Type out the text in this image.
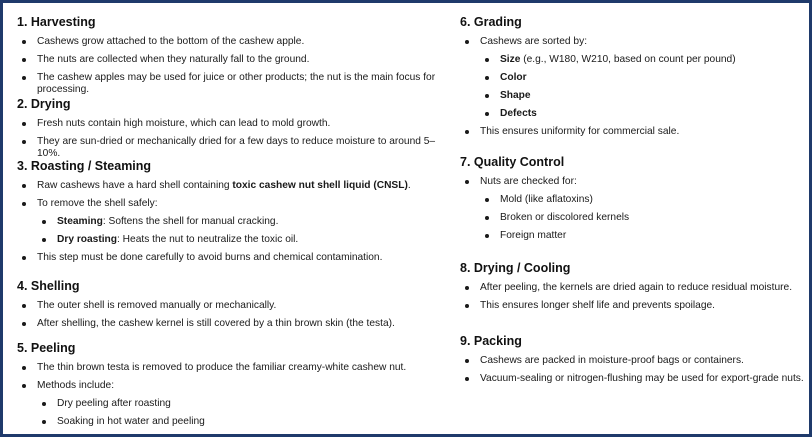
1. Harvesting
Cashews grow attached to the bottom of the cashew apple.
The nuts are collected when they naturally fall to the ground.
The cashew apples may be used for juice or other products; the nut is the main focus for processing.
2. Drying
Fresh nuts contain high moisture, which can lead to mold growth.
They are sun-dried or mechanically dried for a few days to reduce moisture to around 5–10%.
3. Roasting / Steaming
Raw cashews have a hard shell containing toxic cashew nut shell liquid (CNSL).
To remove the shell safely:
Steaming: Softens the shell for manual cracking.
Dry roasting: Heats the nut to neutralize the toxic oil.
This step must be done carefully to avoid burns and chemical contamination.
4. Shelling
The outer shell is removed manually or mechanically.
After shelling, the cashew kernel is still covered by a thin brown skin (the testa).
5. Peeling
The thin brown testa is removed to produce the familiar creamy-white cashew nut.
Methods include:
Dry peeling after roasting
Soaking in hot water and peeling
6. Grading
Cashews are sorted by:
Size (e.g., W180, W210, based on count per pound)
Color
Shape
Defects
This ensures uniformity for commercial sale.
7. Quality Control
Nuts are checked for:
Mold (like aflatoxins)
Broken or discolored kernels
Foreign matter
8. Drying / Cooling
After peeling, the kernels are dried again to reduce residual moisture.
This ensures longer shelf life and prevents spoilage.
9. Packing
Cashews are packed in moisture-proof bags or containers.
Vacuum-sealing or nitrogen-flushing may be used for export-grade nuts.
